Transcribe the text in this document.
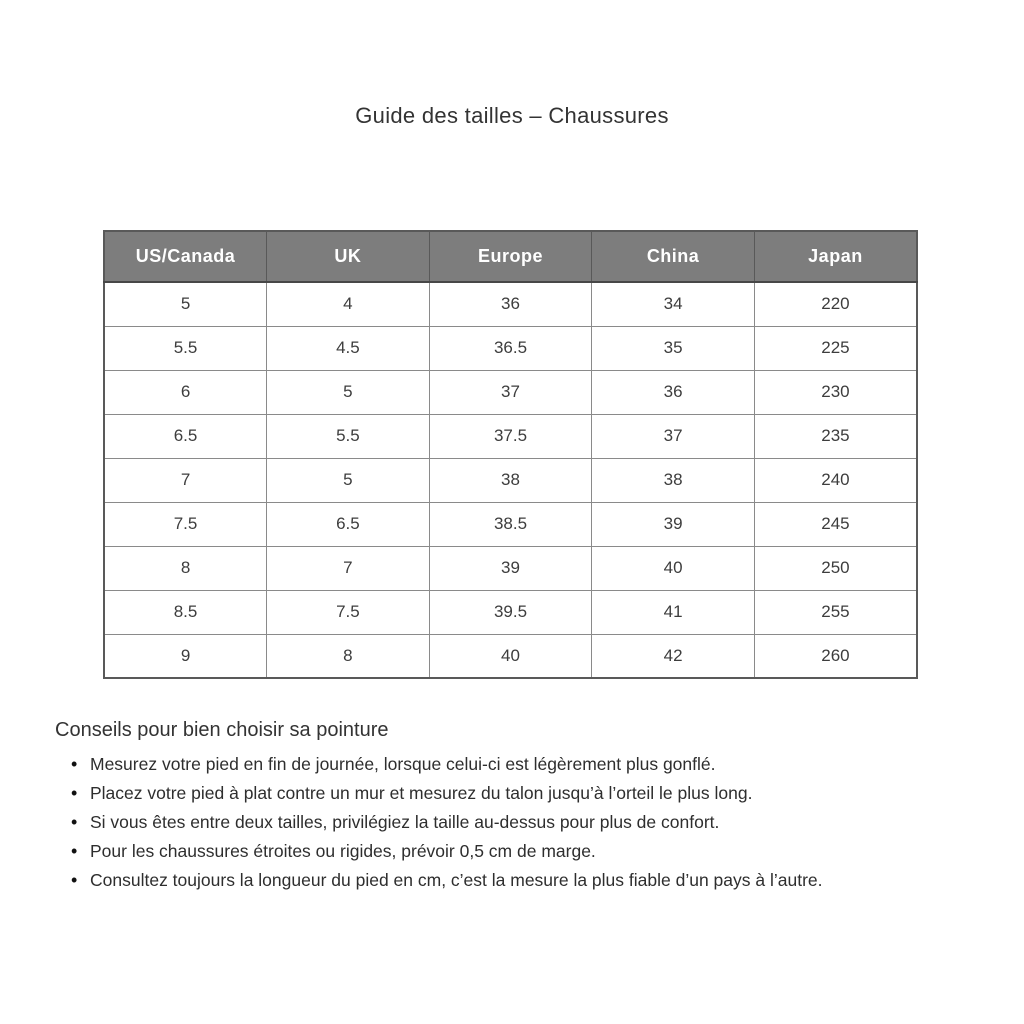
Guide des tailles – Chaussures
US/Canada	UK	Europe	China	Japan
5	4	36	34	220
5.5	4.5	36.5	35	225
6	5	37	36	230
6.5	5.5	37.5	37	235
7	5	38	38	240
7.5	6.5	38.5	39	245
8	7	39	40	250
8.5	7.5	39.5	41	255
9	8	40	42	260
Conseils pour bien choisir sa pointure
• Mesurez votre pied en fin de journée, lorsque celui-ci est légèrement plus gonflé.
• Placez votre pied à plat contre un mur et mesurez du talon jusqu’à l’orteil le plus long.
• Si vous êtes entre deux tailles, privilégiez la taille au-dessus pour plus de confort.
• Pour les chaussures étroites ou rigides, prévoir 0,5 cm de marge.
• Consultez toujours la longueur du pied en cm, c’est la mesure la plus fiable d’un pays à l’autre.
